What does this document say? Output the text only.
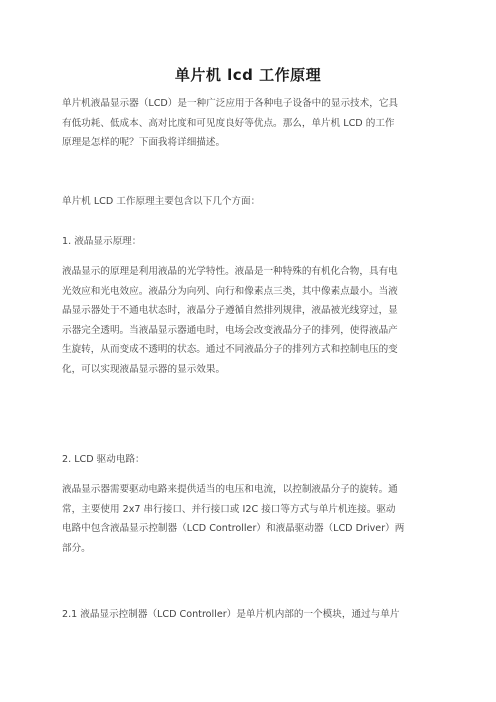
单片机 lcd 工作原理
单片机液晶显示器（LCD）是一种广泛应用于各种电子设备中的显示技术，它具
有低功耗、低成本、高对比度和可见度良好等优点。那么，单片机 LCD 的工作
原理是怎样的呢？下面我将详细描述。
单片机 LCD 工作原理主要包含以下几个方面：
1. 液晶显示原理：
液晶显示的原理是利用液晶的光学特性。液晶是一种特殊的有机化合物，具有电
光效应和光电效应。液晶分为向列、向行和像素点三类，其中像素点最小。当液
晶显示器处于不通电状态时，液晶分子遵循自然排列规律，液晶被光线穿过，显
示器完全透明。当液晶显示器通电时，电场会改变液晶分子的排列，使得液晶产
生旋转，从而变成不透明的状态。通过不同液晶分子的排列方式和控制电压的变
化，可以实现液晶显示器的显示效果。
2. LCD 驱动电路：
液晶显示器需要驱动电路来提供适当的电压和电流，以控制液晶分子的旋转。通
常，主要使用 2x7 串行接口、并行接口或 I2C 接口等方式与单片机连接。驱动
电路中包含液晶显示控制器（LCD Controller）和液晶驱动器（LCD Driver）两
部分。
2.1 液晶显示控制器（LCD Controller）是单片机内部的一个模块，通过与单片
